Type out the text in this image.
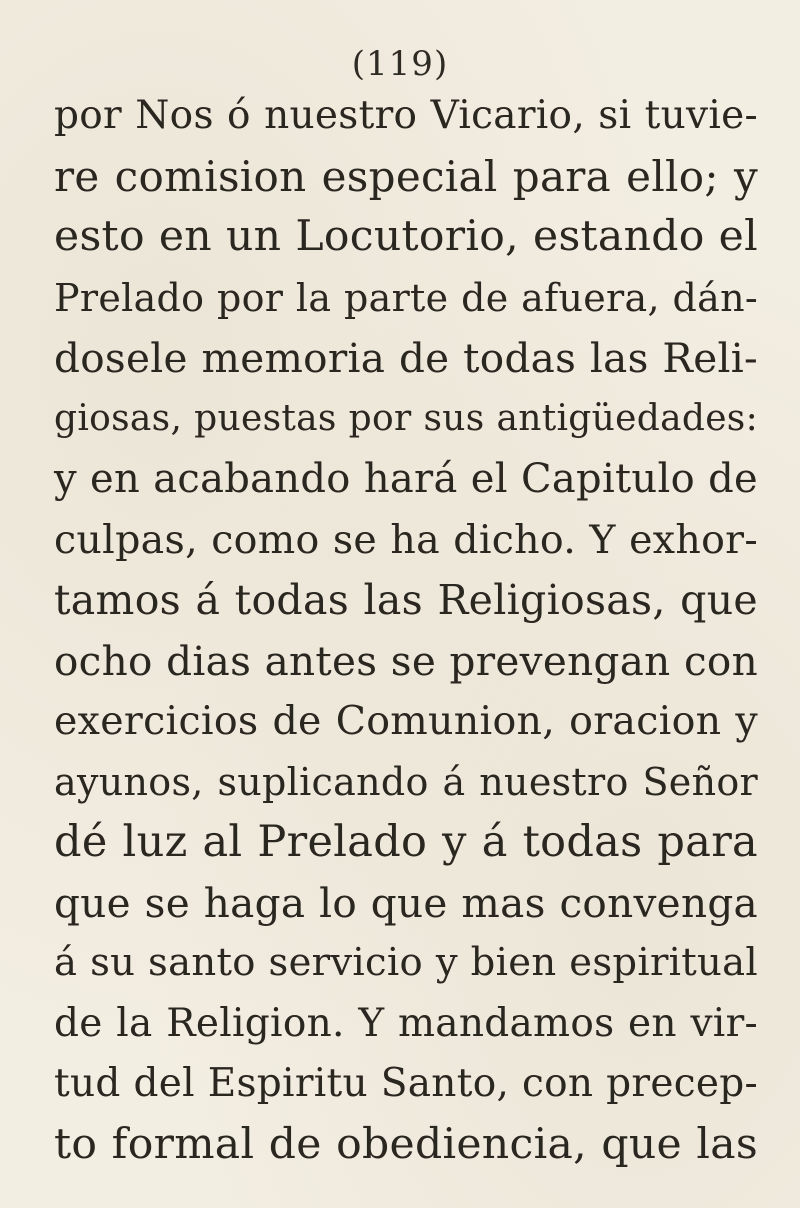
(119)
por Nos ó nuestro Vicario, si tuvie-
re comision especial para ello; y
esto en un Locutorio, estando el
Prelado por la parte de afuera, dán-
dosele memoria de todas las Reli-
giosas, puestas por sus antigüedades:
y en acabando hará el Capitulo de
culpas, como se ha dicho. Y exhor-
tamos á todas las Religiosas, que
ocho dias antes se prevengan con
exercicios de Comunion, oracion y
ayunos, suplicando á nuestro Señor
dé luz al Prelado y á todas para
que se haga lo que mas convenga
á su santo servicio y bien espiritual
de la Religion. Y mandamos en vir-
tud del Espiritu Santo, con precep-
to formal de obediencia, que las
